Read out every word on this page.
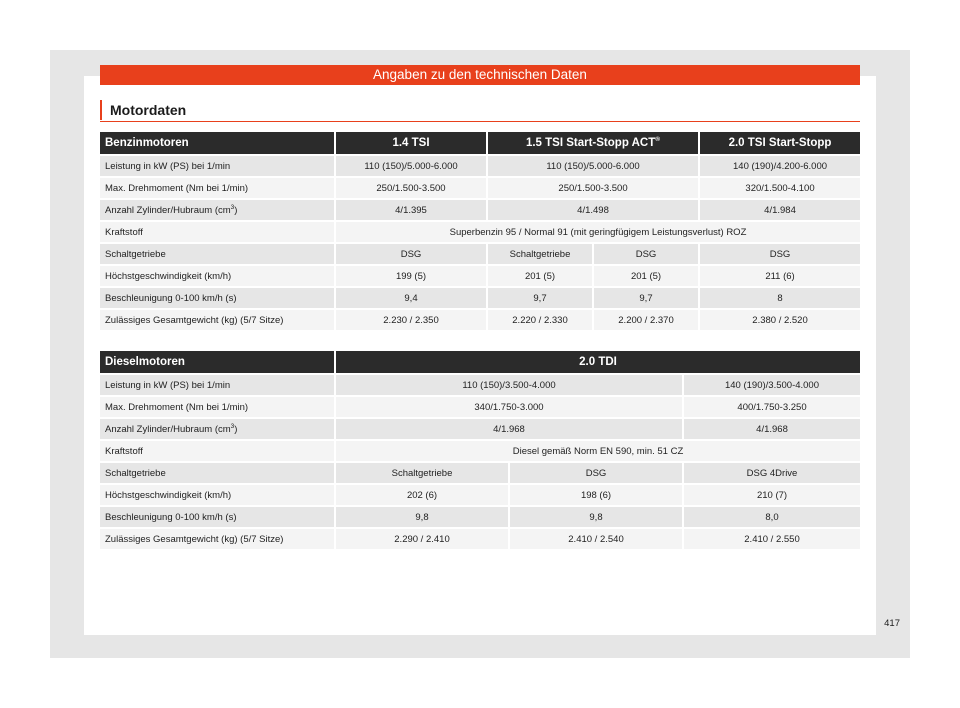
Angaben zu den technischen Daten
Motordaten
Benzinmotoren	1.4 TSI	1.5 TSI Start-Stopp ACT®		2.0 TSI Start-Stopp
Leistung in kW (PS) bei 1/min	110 (150)/5.000-6.000	110 (150)/5.000-6.000		140 (190)/4.200-6.000
Max. Drehmoment (Nm bei 1/min)	250/1.500-3.500	250/1.500-3.500		320/1.500-4.100
Anzahl Zylinder/Hubraum $(cm^3)$	4/1.395	4/1.498		4/1.984
Kraftstoff	Superbenzin 95 / Normal 91 (mit geringfügigem Leistungsverlust) ROZ			
Schaltgetriebe	DSG	Schaltgetriebe	DSG	DSG
Höchstgeschwindigkeit (km/h)	199 (5)	201 (5)	201 (5)	211 (6)
Beschleunigung 0-100 km/h (s)	9,4	9,7	9,7	8
Zulässiges Gesamtgewicht (kg) (5/7 Sitze)	2.230 / 2.350	2.220 / 2.330	2.200 / 2.370	2.380 / 2.520
Dieselmotoren	2.0 TDI		
Leistung in kW (PS) bei 1/min	110 (150)/3.500-4.000		140 (190)/3.500-4.000
Max. Drehmoment (Nm bei 1/min)	340/1.750-3.000		400/1.750-3.250
Anzahl Zylinder/Hubraum $(cm^3)$	4/1.968		4/1.968
Kraftstoff	Diesel gemäß Norm EN 590, min. 51 CZ		
Schaltgetriebe	Schaltgetriebe	DSG	DSG 4Drive
Höchstgeschwindigkeit (km/h)	202 (6)	198 (6)	210 (7)
Beschleunigung 0-100 km/h (s)	9,8	9,8	8,0
Zulässiges Gesamtgewicht (kg) (5/7 Sitze)	2.290 / 2.410	2.410 / 2.540	2.410 / 2.550
417
